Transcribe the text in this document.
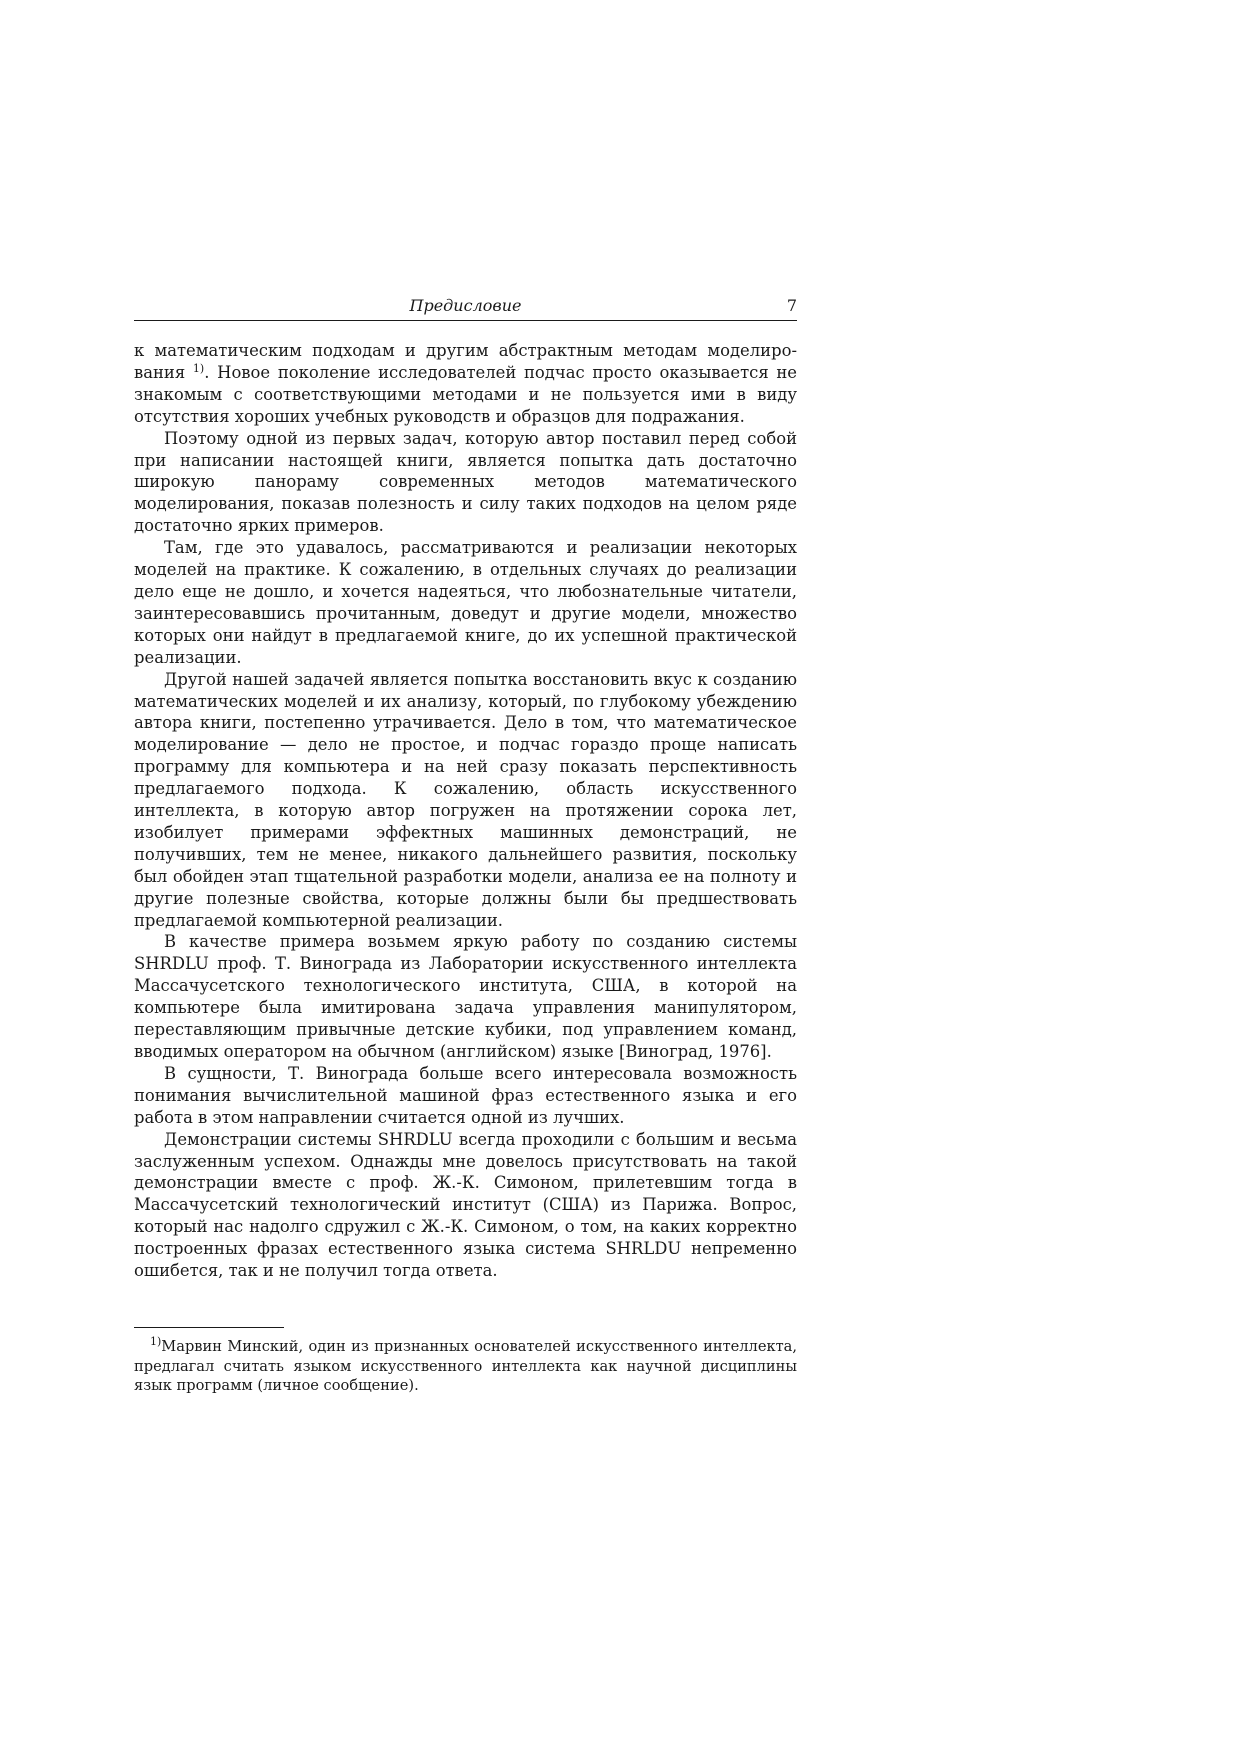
Предисловие	7

к математическим подходам и другим абстрактным методам моделирования $^{1)}$. Новое поколение исследователей подчас просто оказывается не знакомым с соответствующими методами и не пользуется ими в виду отсутствия хороших учебных руководств и образцов для подражания.

Поэтому одной из первых задач, которую автор поставил перед собой при написании настоящей книги, является попытка дать достаточно широкую панораму современных методов математического моделирования, показав полезность и силу таких подходов на целом ряде достаточно ярких примеров.

Там, где это удавалось, рассматриваются и реализации некоторых моделей на практике. К сожалению, в отдельных случаях до реализации дело еще не дошло, и хочется надеяться, что любознательные читатели, заинтересовавшись прочитанным, доведут и другие модели, множество которых они найдут в предлагаемой книге, до их успешной практической реализации.

Другой нашей задачей является попытка восстановить вкус к созданию математических моделей и их анализу, который, по глубокому убеждению автора книги, постепенно утрачивается. Дело в том, что математическое моделирование — дело не простое, и подчас гораздо проще написать программу для компьютера и на ней сразу показать перспективность предлагаемого подхода. К сожалению, область искусственного интеллекта, в которую автор погружен на протяжении сорока лет, изобилует примерами эффектных машинных демонстраций, не получивших, тем не менее, никакого дальнейшего развития, поскольку был обойден этап тщательной разработки модели, анализа ее на полноту и другие полезные свойства, которые должны были бы предшествовать предлагаемой компьютерной реализации.

В качестве примера возьмем яркую работу по созданию системы SHRDLU проф. Т. Винограда из Лаборатории искусственного интеллекта Массачусетского технологического института, США, в которой на компьютере была имитирована задача управления манипулятором, переставляющим привычные детские кубики, под управлением команд, вводимых оператором на обычном (английском) языке [Виноград, 1976].

В сущности, Т. Винограда больше всего интересовала возможность понимания вычислительной машиной фраз естественного языка и его работа в этом направлении считается одной из лучших.

Демонстрации системы SHRDLU всегда проходили с большим и весьма заслуженным успехом. Однажды мне довелось присутствовать на такой демонстрации вместе с проф. Ж.-К. Симоном, прилетевшим тогда в Массачусетский технологический институт (США) из Парижа. Вопрос, который нас надолго сдружил с Ж.-К. Симоном, о том, на каких корректно построенных фразах естественного языка система SHRLDU непременно ошибется, так и не получил тогда ответа.

$^{1)}$Марвин Минский, один из признанных основателей искусственного интеллекта, предлагал считать языком искусственного интеллекта как научной дисциплины язык программ (личное сообщение).
